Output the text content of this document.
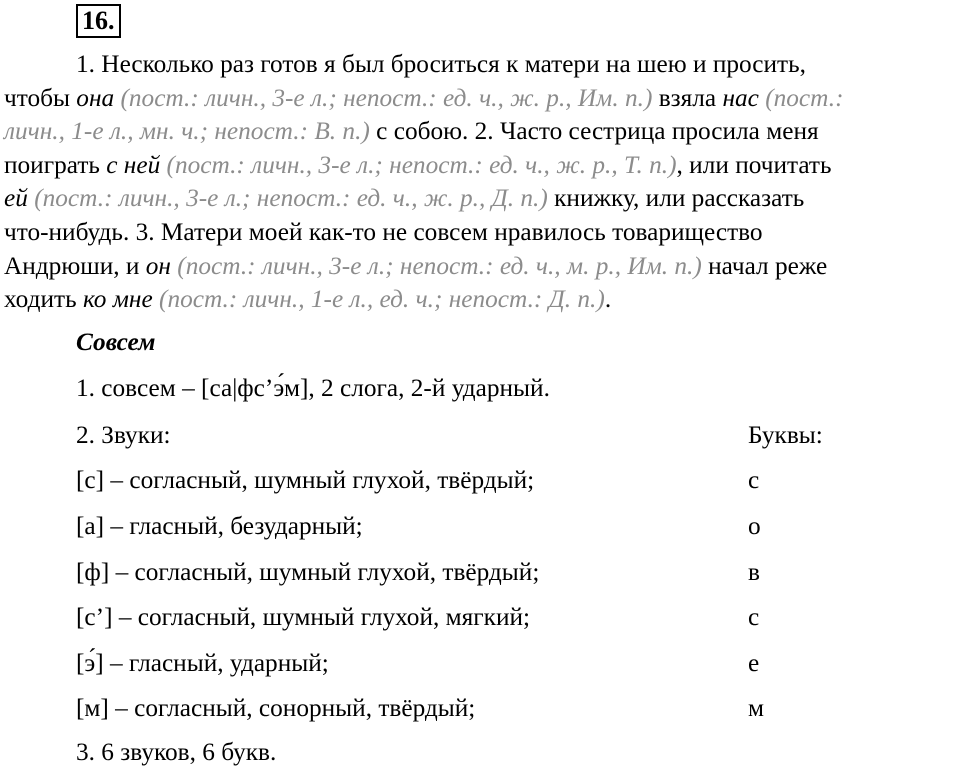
16.
1. Несколько раз готов я был броситься к матери на шею и просить,
чтобы она (пост.: личн., 3-е л.; непост.: ед. ч., ж. р., Им. п.) взяла нас (пост.:
личн., 1-е л., мн. ч.; непост.: В. п.) с собою. 2. Часто сестрица просила меня
поиграть с ней (пост.: личн., 3-е л.; непост.: ед. ч., ж. р., Т. п.), или почитать
ей (пост.: личн., 3-е л.; непост.: ед. ч., ж. р., Д. п.) книжку, или рассказать
что-нибудь. 3. Матери моей как-то не совсем нравилось товарищество
Андрюши, и он (пост.: личн., 3-е л.; непост.: ед. ч., м. р., Им. п.) начал реже
ходить ко мне (пост.: личн., 1-е л., ед. ч.; непост.: Д. п.).
Совсем
1. совсем – [са|фс’э́м], 2 слога, 2-й ударный.
2. Звуки:	Буквы:
[с] – согласный, шумный глухой, твёрдый;	с
[а] – гласный, безударный;	о
[ф] – согласный, шумный глухой, твёрдый;	в
[с’] – согласный, шумный глухой, мягкий;	с
[э́] – гласный, ударный;	е
[м] – согласный, сонорный, твёрдый;	м
3. 6 звуков, 6 букв.
